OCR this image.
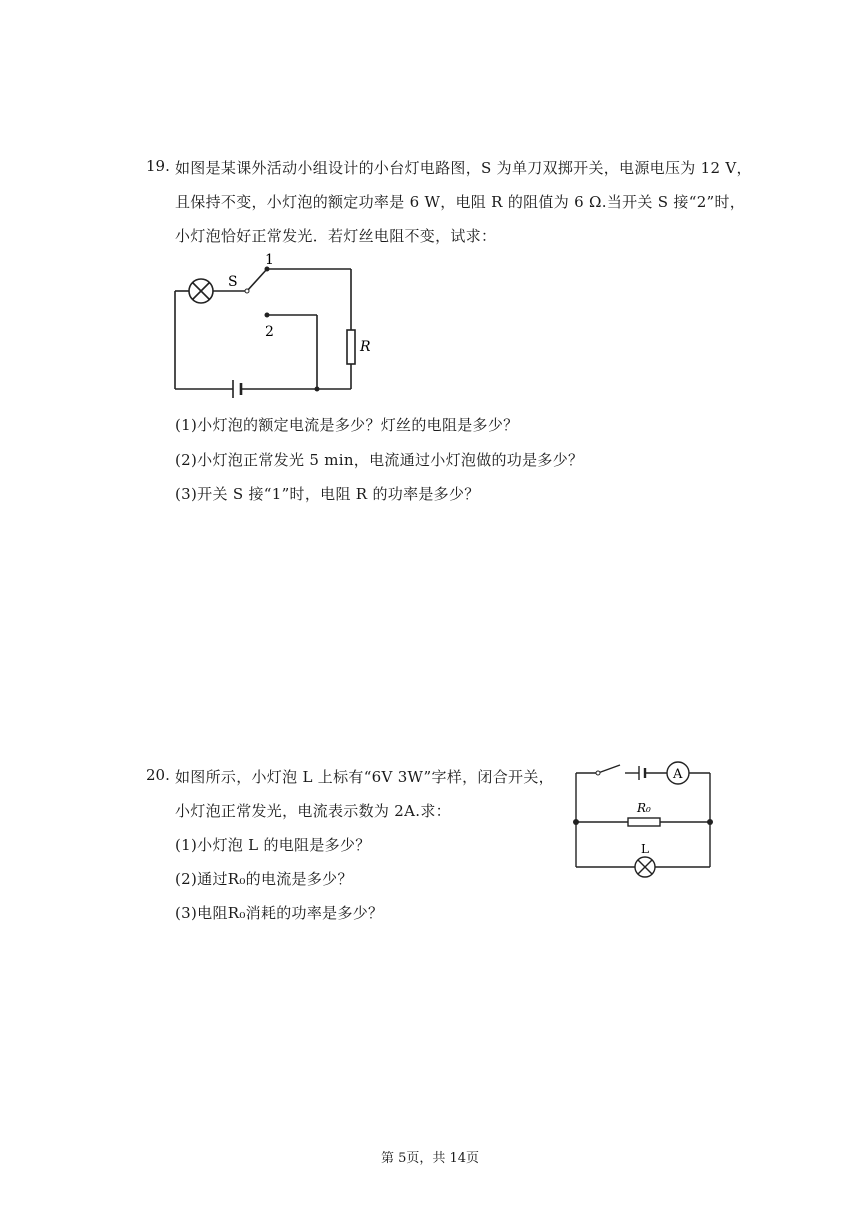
19. 如图是某课外活动小组设计的小台灯电路图，S 为单刀双掷开关，电源电压为 12 V，
且保持不变，小灯泡的额定功率是 6 W，电阻 R 的阻值为 6 Ω.当开关 S 接“2”时，
小灯泡恰好正常发光．若灯丝电阻不变，试求：
S
1
2
R
(1)小灯泡的额定电流是多少？灯丝的电阻是多少？
(2)小灯泡正常发光 5 min，电流通过小灯泡做的功是多少？
(3)开关 S 接“1”时，电阻 R 的功率是多少？
20. 如图所示，小灯泡 L 上标有“6V 3W”字样，闭合开关，
小灯泡正常发光，电流表示数为 2A.求：
(1)小灯泡 L 的电阻是多少？
(2)通过R₀的电流是多少？
(3)电阻R₀消耗的功率是多少？
A
R₀
L
第 5页，共 14页
